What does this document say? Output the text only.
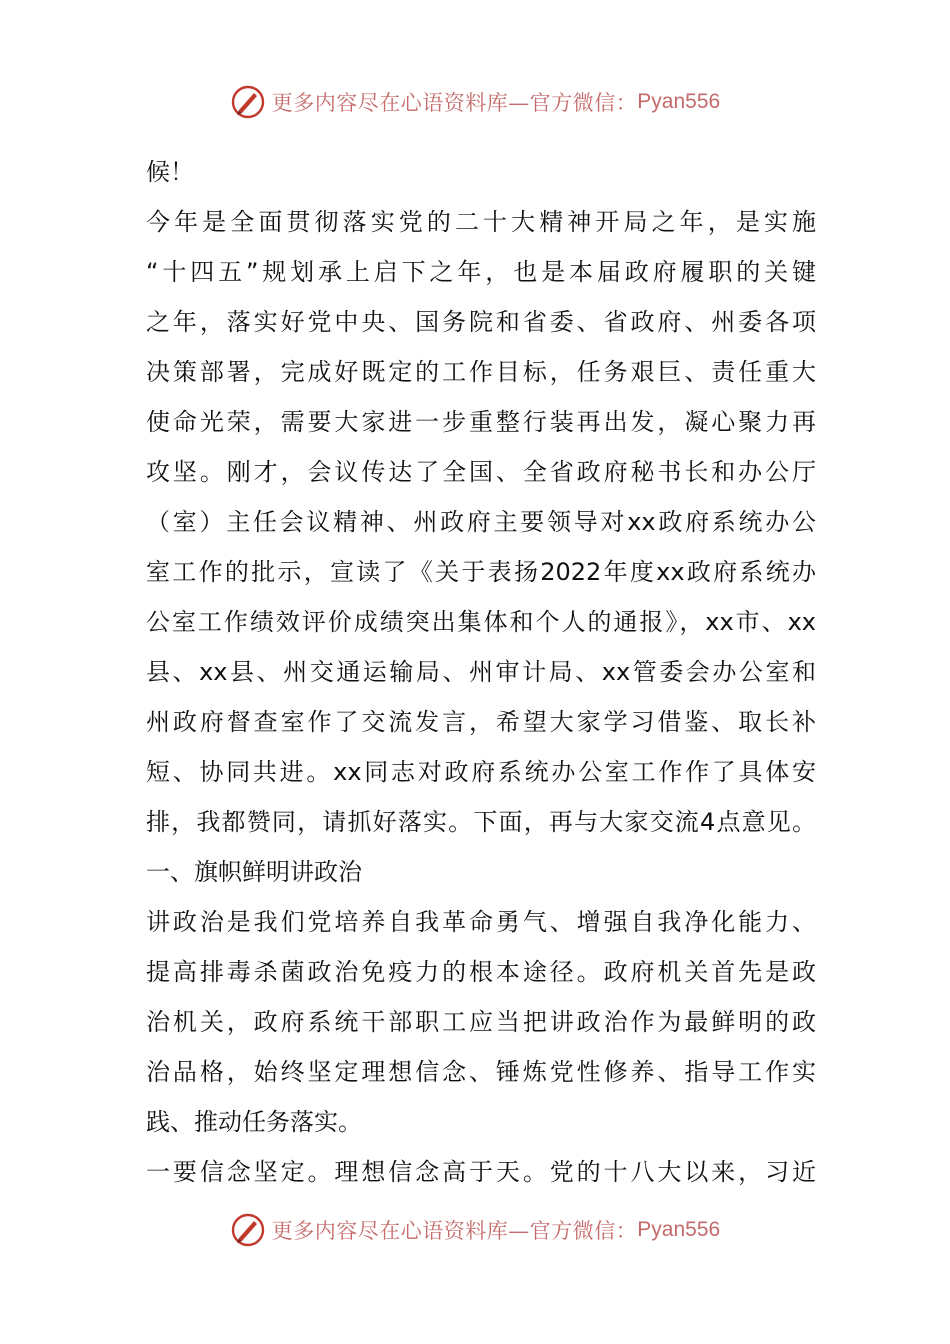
更多内容尽在心语资料库—官方微信： Pyan556
候！
今年是全面贯彻落实党的二十大精神开局之年，是实施
“十四五”规划承上启下之年，也是本届政府履职的关键
之年，落实好党中央、国务院和省委、省政府、州委各项
决策部署，完成好既定的工作目标，任务艰巨、责任重大
使命光荣，需要大家进一步重整行装再出发，凝心聚力再
攻坚。刚才，会议传达了全国、全省政府秘书长和办公厅
（室）主任会议精神、州政府主要领导对xx政府系统办公
室工作的批示，宣读了《关于表扬2022年度xx政府系统办
公室工作绩效评价成绩突出集体和个人的通报》，xx市、xx
县、xx县、州交通运输局、州审计局、xx管委会办公室和
州政府督查室作了交流发言，希望大家学习借鉴、取长补
短、协同共进。xx同志对政府系统办公室工作作了具体安
排，我都赞同，请抓好落实。下面，再与大家交流4点意见。
一、旗帜鲜明讲政治
讲政治是我们党培养自我革命勇气、增强自我净化能力、
提高排毒杀菌政治免疫力的根本途径。政府机关首先是政
治机关，政府系统干部职工应当把讲政治作为最鲜明的政
治品格，始终坚定理想信念、锤炼党性修养、指导工作实
践、推动任务落实。
一要信念坚定。理想信念高于天。党的十八大以来，习近
更多内容尽在心语资料库—官方微信： Pyan556
